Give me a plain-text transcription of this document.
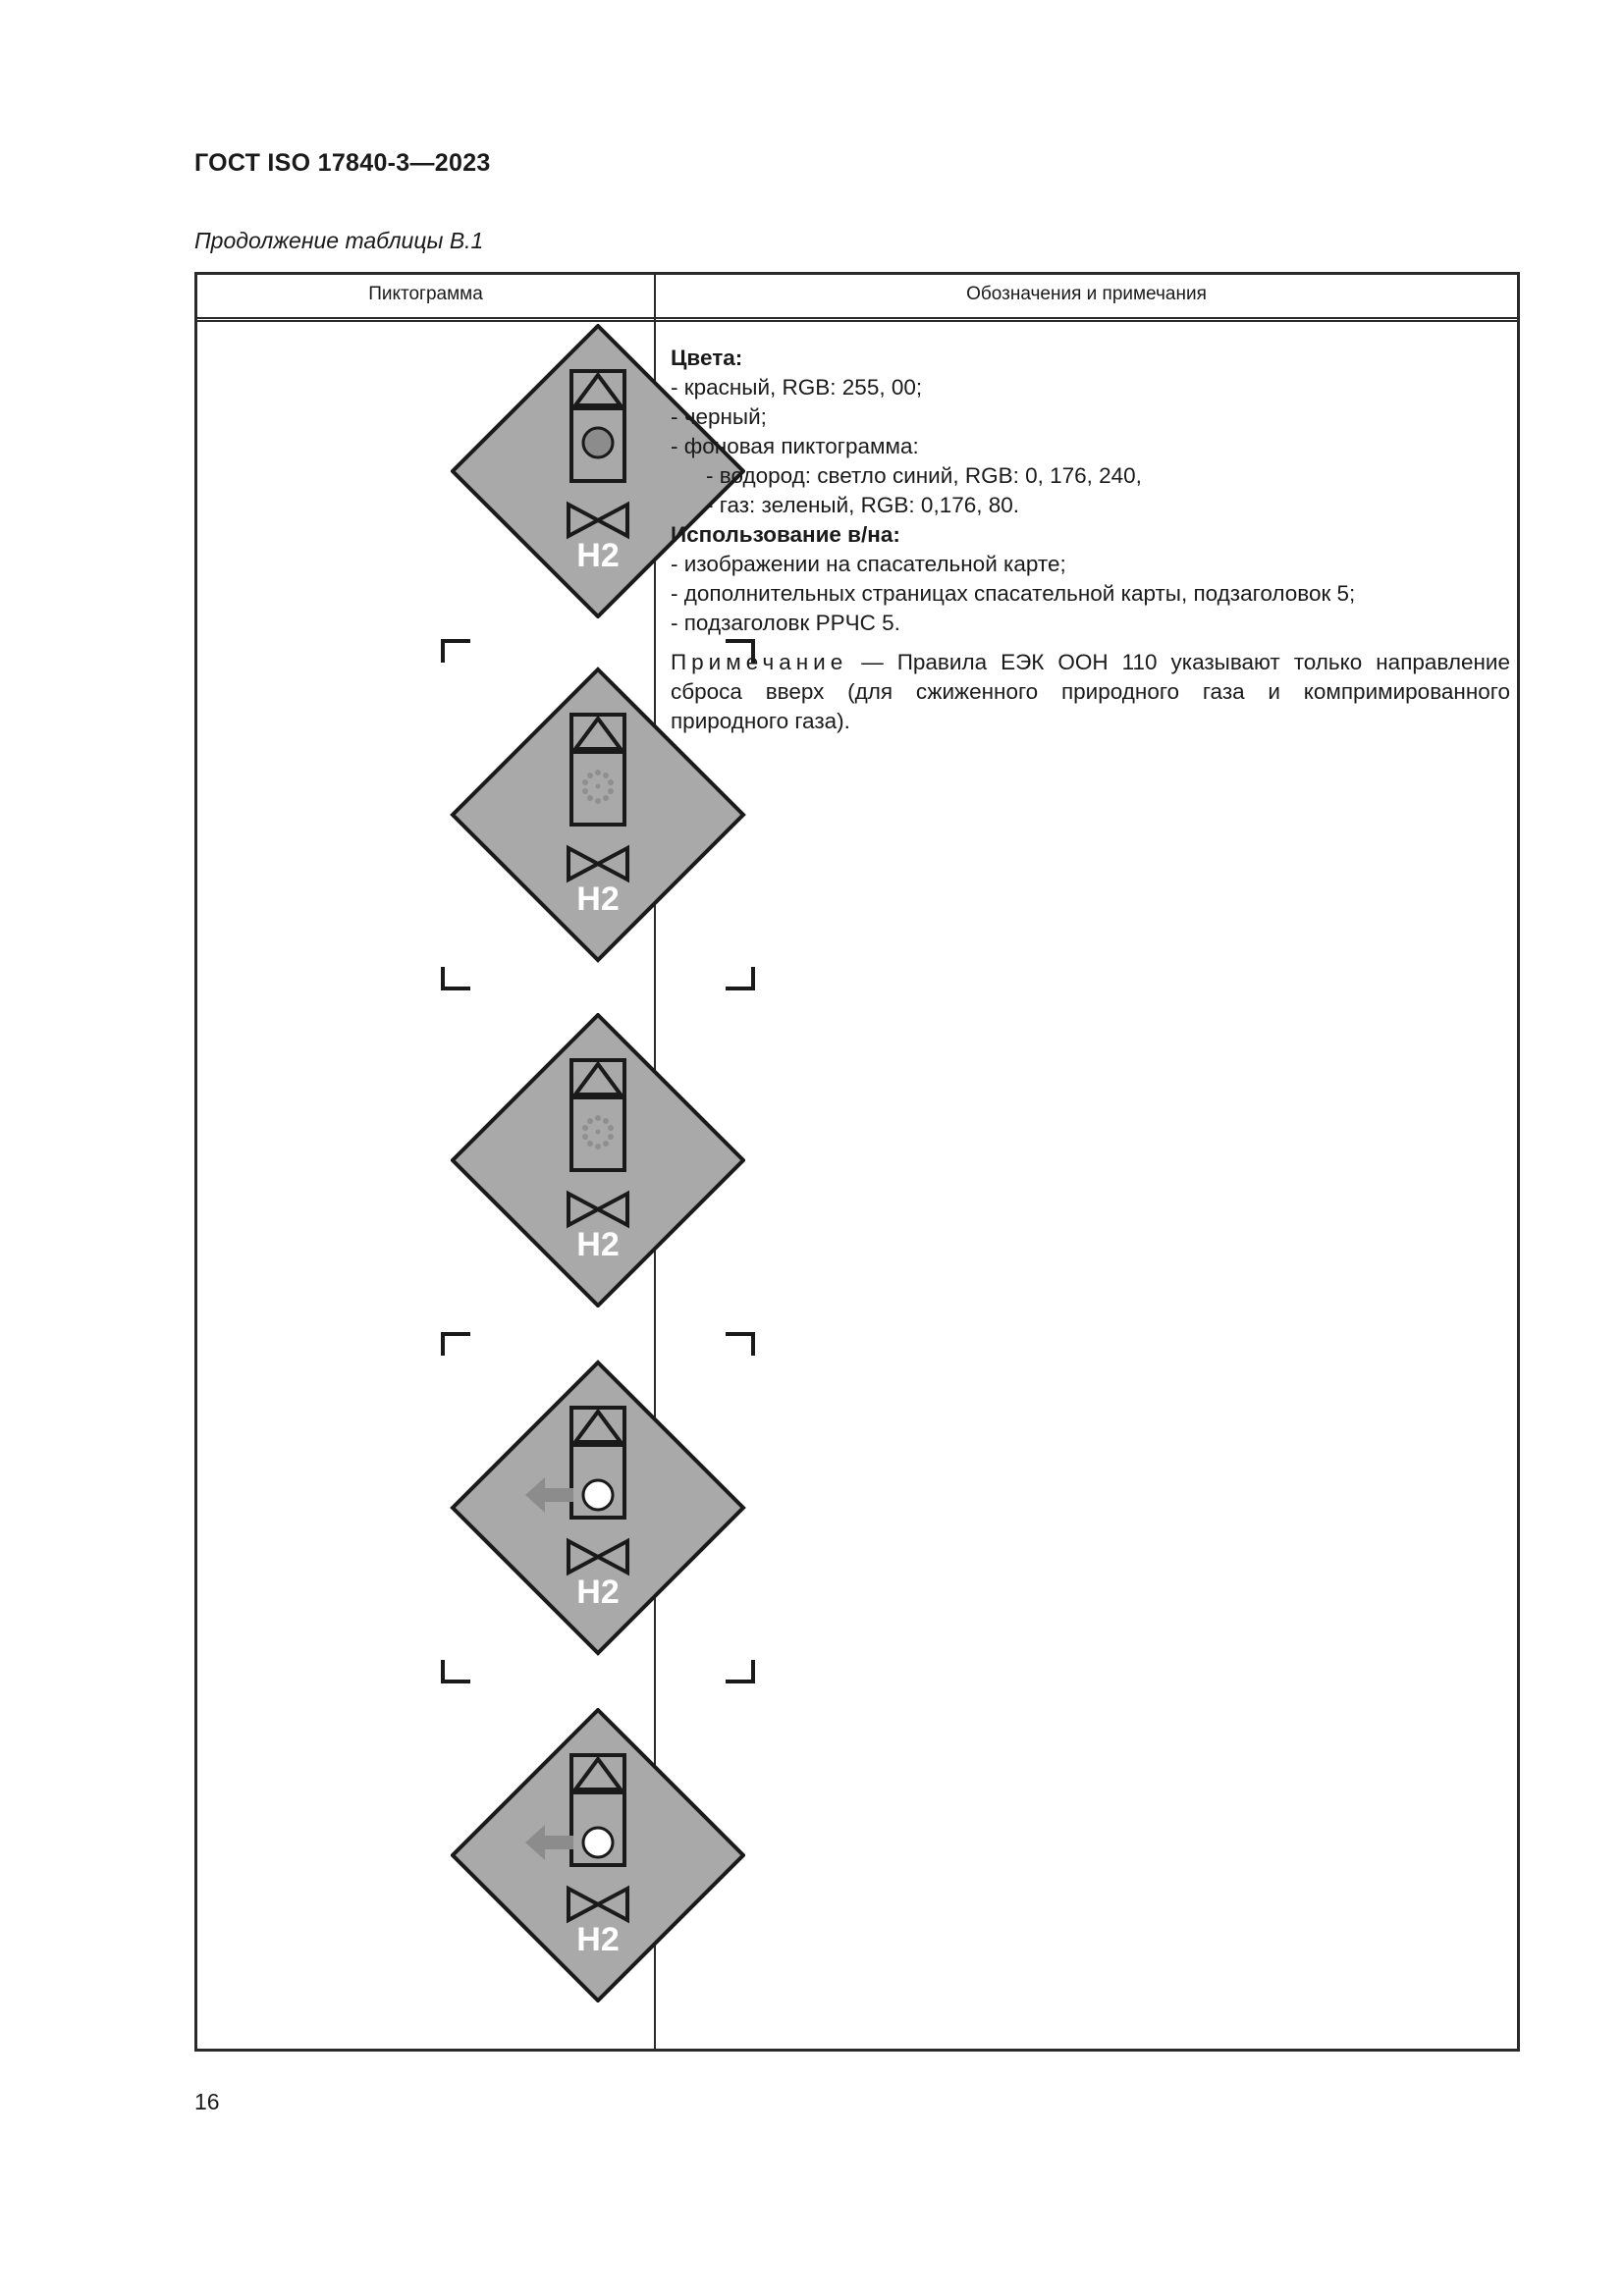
ГОСТ ISO 17840-3—2023
Продолжение таблицы В.1
Пиктограмма	Обозначения и примечания
H2
H2
H2
H2
H2
Цвета:
- красный, RGB: 255, 00;
- черный;
- фоновая пиктограмма:
- водород: светло синий, RGB: 0, 176, 240,
- газ: зеленый, RGB: 0,176, 80.
Использование в/на:
- изображении на спасательной карте;
- дополнительных страницах спасательной карты, подзаголовок 5;
- подзаголовк РРЧС 5.
Примечание — Правила ЕЭК ООН 110 указывают только направление сброса вверх (для сжиженного природного газа и компримированного природного газа).
16
